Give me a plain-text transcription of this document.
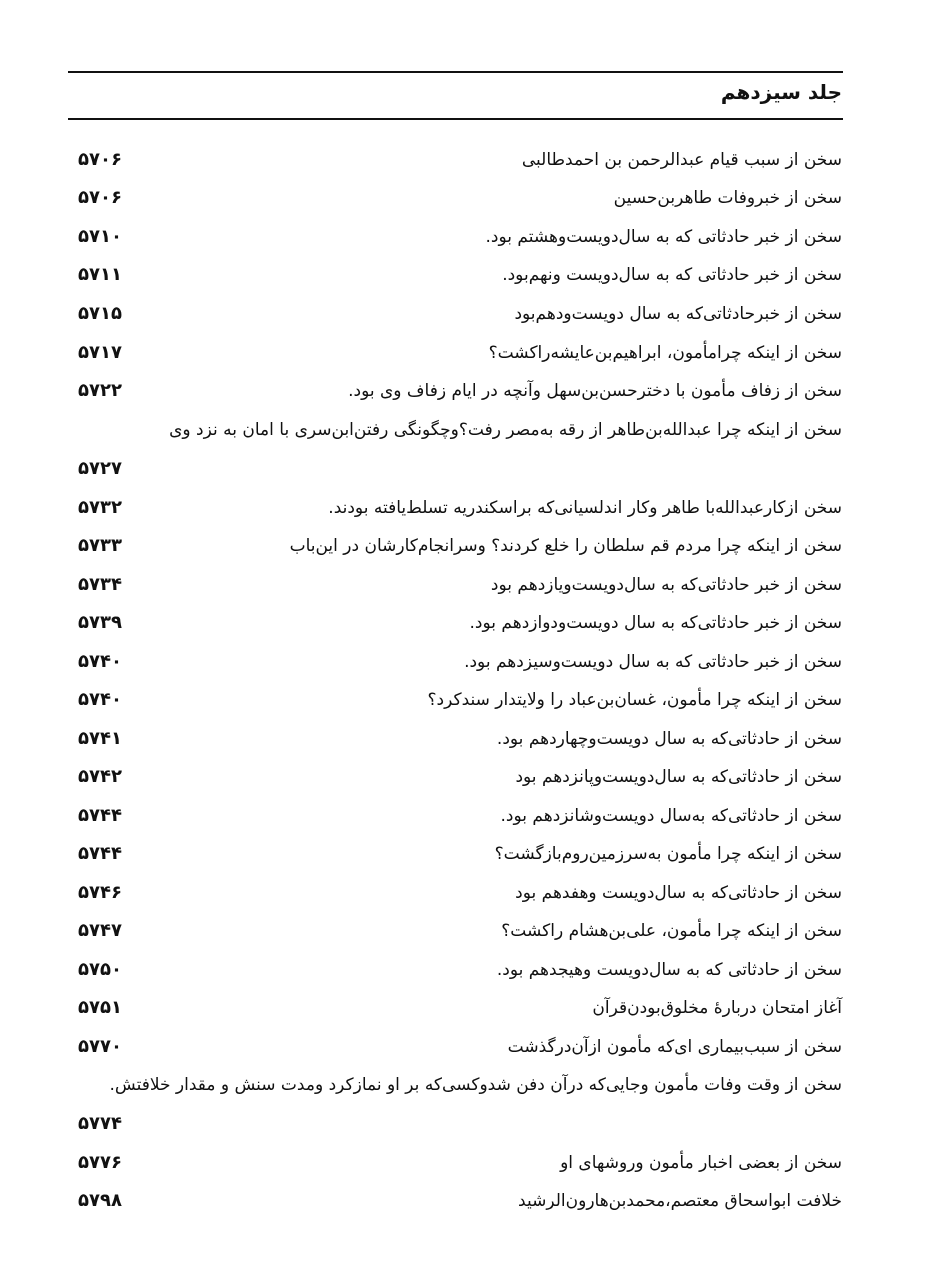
جلد سیزدهم
سخن از سبب قیام عبدالرحمن بن احمدطالبی
۵۷۰۶
سخن از خبروفات طاهربن‌حسین
۵۷۰۶
سخن از خبر حادثاتی که به سال‌دویست‌وهشتم بود.
۵۷۱۰
سخن از خبر حادثاتی که به سال‌دویست ونهم‌بود.
۵۷۱۱
سخن از خبرحادثاتی‌که به سال دویست‌ودهم‌بود
۵۷۱۵
سخن از اینکه چرامأمون، ابراهیم‌بن‌عایشه‌راکشت؟
۵۷۱۷
سخن از زفاف مأمون با دخترحسن‌بن‌سهل وآنچه در ایام زفاف وی بود.
۵۷۲۲
سخن از اینکه چرا عبدالله‌بن‌طاهر از رقه به‌مصر رفت؟وچگونگی رفتن‌ابن‌سری با امان به نزد وی
۵۷۲۷
سخن ازکارعبدالله‌با طاهر وکار اندلسیانی‌که براسکندریه تسلط‌یافته بودند.
۵۷۳۲
سخن از اینکه چرا مردم قم سلطان را خلع کردند؟ وسرانجام‌کارشان در این‌باب
۵۷۳۳
سخن از خبر حادثاتی‌که به سال‌دویست‌ویازدهم بود
۵۷۳۴
سخن از خبر حادثاتی‌که به سال دویست‌ودوازدهم بود.
۵۷۳۹
سخن از خبر حادثاتی که به سال دویست‌وسیزدهم بود.
۵۷۴۰
سخن از اینکه چرا مأمون، غسان‌بن‌عباد را ولایتدار سندکرد؟
۵۷۴۰
سخن از حادثاتی‌که به سال دویست‌وچهاردهم بود.
۵۷۴۱
سخن از حادثاتی‌که به سال‌دویست‌وپانزدهم بود
۵۷۴۲
سخن از حادثاتی‌که به‌سال دویست‌وشانزدهم بود.
۵۷۴۴
سخن از اینکه چرا مأمون به‌سرزمین‌روم‌بازگشت؟
۵۷۴۴
سخن از حادثاتی‌که به سال‌دویست وهفدهم بود
۵۷۴۶
سخن از اینکه چرا مأمون، علی‌بن‌هشام راکشت؟
۵۷۴۷
سخن از حادثاتی که به سال‌دویست وهیجدهم بود.
۵۷۵۰
آغاز امتحان دربارهٔ مخلوق‌بودن‌قرآن
۵۷۵۱
سخن از سبب‌بیماری ای‌که مأمون ازآن‌درگذشت
۵۷۷۰
سخن از وقت وفات مأمون وجایی‌که درآن دفن شدوکسی‌که بر او نمازکرد ومدت سنش و مقدار خلافتش.
۵۷۷۴
سخن از بعضی اخبار مأمون وروشهای او
۵۷۷۶
خلافت ابواسحاق معتصم،محمدبن‌هارون‌الرشید
۵۷۹۸
